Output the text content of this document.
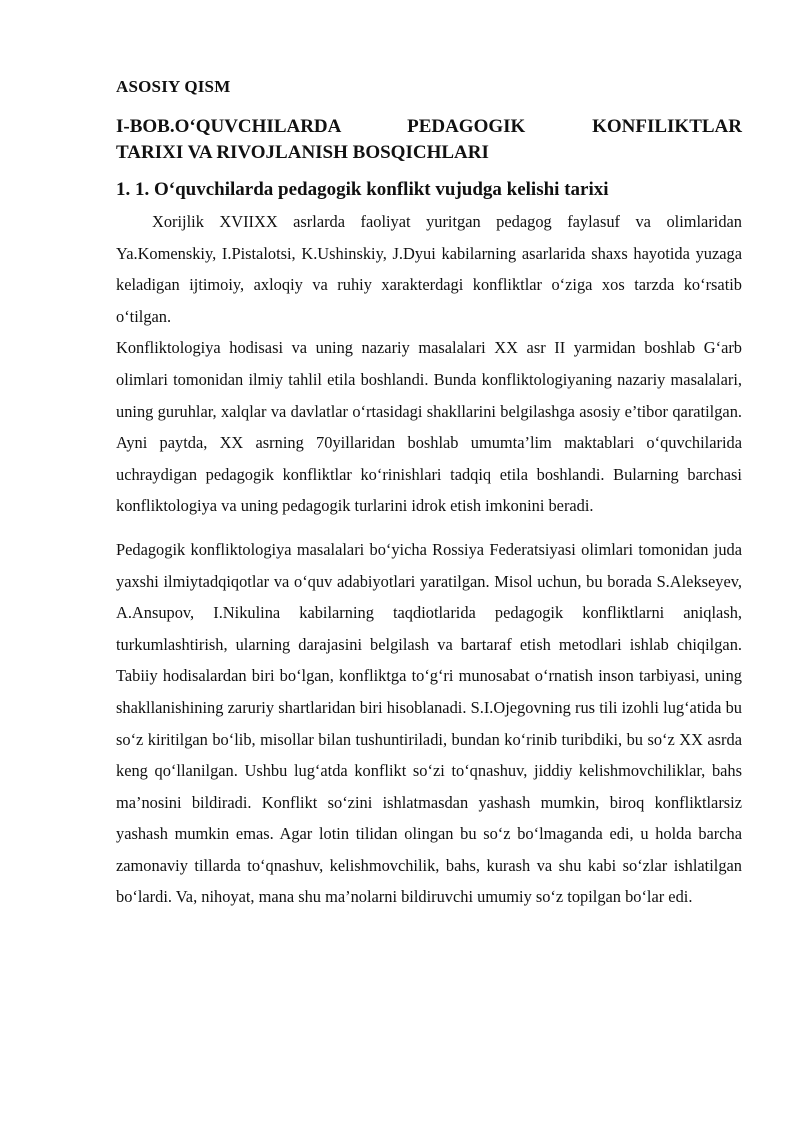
ASOSIY QISM
I-BOB.O‘QUVCHILARDA PEDAGOGIK KONFILIKTLAR
TARIXI VA RIVOJLANISH BOSQICHLARI
1. 1. O‘quvchilarda pedagogik konflikt vujudga kelishi tarixi

Xorijlik XVIIXX asrlarda faoliyat yuritgan pedagog faylasuf va olimlaridan Ya.Komenskiy, I.Pistalotsi, K.Ushinskiy, J.Dyui kabilarning asarlarida shaxs hayotida yuzaga keladigan ijtimoiy, axloqiy va ruhiy xarakterdagi konfliktlar o‘ziga xos tarzda ko‘rsatib o‘tilgan.

Konfliktologiya hodisasi va uning nazariy masalalari XX asr II yarmidan boshlab G‘arb olimlari tomonidan ilmiy tahlil etila boshlandi. Bunda konfliktologiyaning nazariy masalalari, uning guruhlar, xalqlar va davlatlar o‘rtasidagi shakllarini belgilashga asosiy e’tibor qaratilgan. Ayni paytda, XX asrning 70yillaridan boshlab umumta’lim maktablari o‘quvchilarida uchraydigan pedagogik konfliktlar ko‘rinishlari tadqiq etila boshlandi. Bularning barchasi konfliktologiya va uning pedagogik turlarini idrok etish imkonini beradi.

Pedagogik konfliktologiya masalalari bo‘yicha Rossiya Federatsiyasi olimlari tomonidan juda yaxshi ilmiytadqiqotlar va o‘quv adabiyotlari yaratilgan. Misol uchun, bu borada S.Alekseyev, A.Ansupov, I.Nikulina kabilarning taqdiotlarida pedagogik konfliktlarni aniqlash, turkumlashtirish, ularning darajasini belgilash va bartaraf etish metodlari ishlab chiqilgan. Tabiiy hodisalardan biri bo‘lgan, konfliktga to‘g‘ri munosabat o‘rnatish inson tarbiyasi, uning shakllanishining zaruriy shartlaridan biri hisoblanadi. S.I.Ojegovning rus tili izohli lug‘atida bu so‘z kiritilgan bo‘lib, misollar bilan tushuntiriladi, bundan ko‘rinib turibdiki, bu so‘z XX asrda keng qo‘llanilgan. Ushbu lug‘atda konflikt so‘zi to‘qnashuv, jiddiy kelishmovchiliklar, bahs ma’nosini bildiradi. Konflikt so‘zini ishlatmasdan yashash mumkin, biroq konfliktlarsiz yashash mumkin emas. Agar lotin tilidan olingan bu so‘z bo‘lmaganda edi, u holda barcha zamonaviy tillarda to‘qnashuv, kelishmovchilik, bahs, kurash va shu kabi so‘zlar ishlatilgan bo‘lardi. Va, nihoyat, mana shu ma’nolarni bildiruvchi umumiy so‘z topilgan bo‘lar edi.
